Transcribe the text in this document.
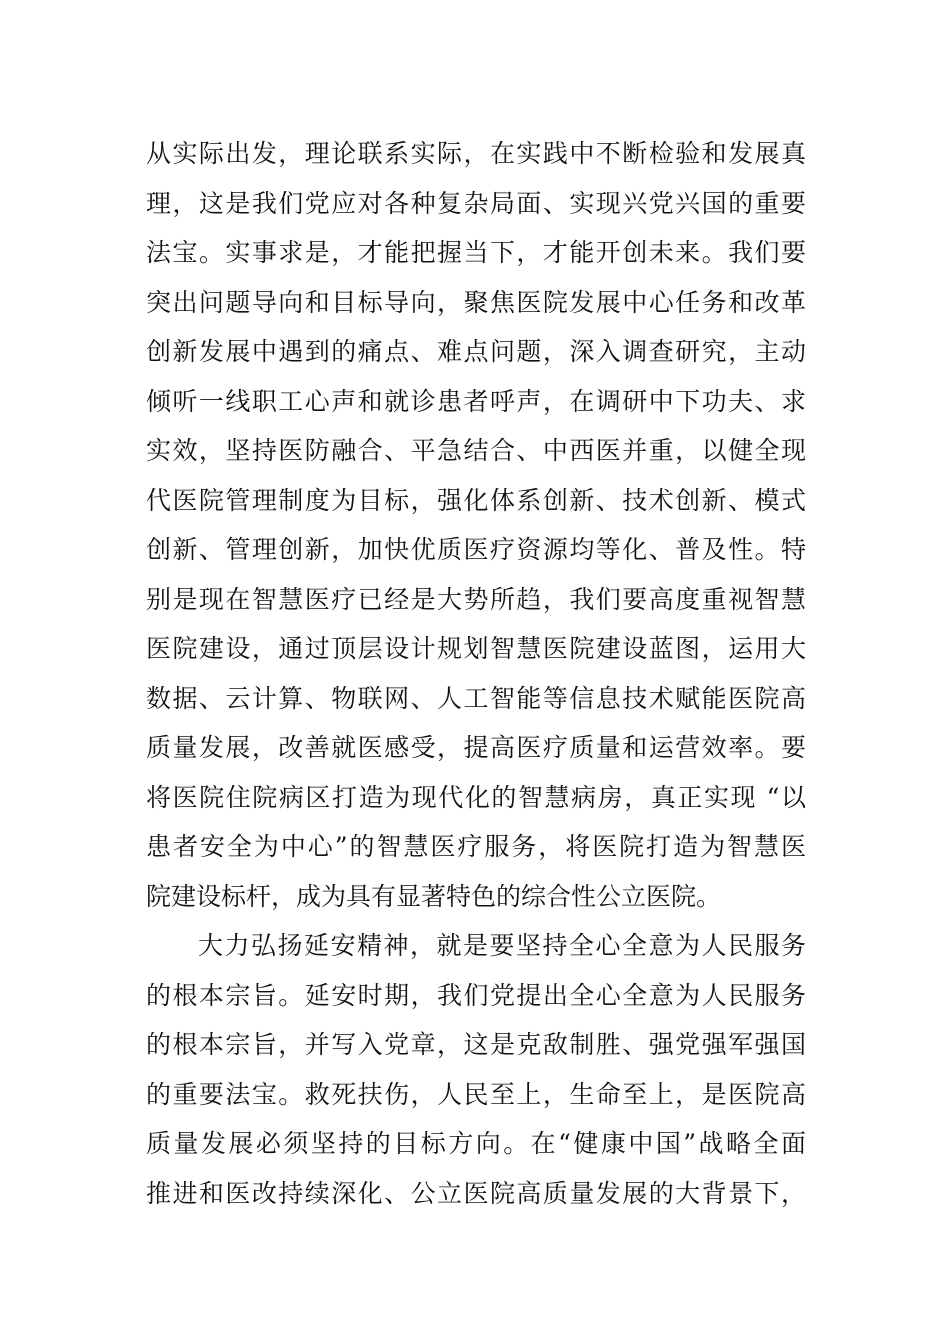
从实际出发，理论联系实际，在实践中不断检验和发展真
理，这是我们党应对各种复杂局面、实现兴党兴国的重要
法宝。实事求是，才能把握当下，才能开创未来。我们要
突出问题导向和目标导向，聚焦医院发展中心任务和改革
创新发展中遇到的痛点、难点问题，深入调查研究，主动
倾听一线职工心声和就诊患者呼声，在调研中下功夫、求
实效，坚持医防融合、平急结合、中西医并重，以健全现
代医院管理制度为目标，强化体系创新、技术创新、模式
创新、管理创新，加快优质医疗资源均等化、普及性。特
别是现在智慧医疗已经是大势所趋，我们要高度重视智慧
医院建设，通过顶层设计规划智慧医院建设蓝图，运用大
数据、云计算、物联网、人工智能等信息技术赋能医院高
质量发展，改善就医感受，提高医疗质量和运营效率。要
将医院住院病区打造为现代化的智慧病房，真正实现 “以
患者安全为中心”的智慧医疗服务，将医院打造为智慧医
院建设标杆，成为具有显著特色的综合性公立医院。
大力弘扬延安精神，就是要坚持全心全意为人民服务
的根本宗旨。延安时期，我们党提出全心全意为人民服务
的根本宗旨，并写入党章，这是克敌制胜、强党强军强国
的重要法宝。救死扶伤，人民至上，生命至上，是医院高
质量发展必须坚持的目标方向。在“健康中国”战略全面
推进和医改持续深化、公立医院高质量发展的大背景下，
